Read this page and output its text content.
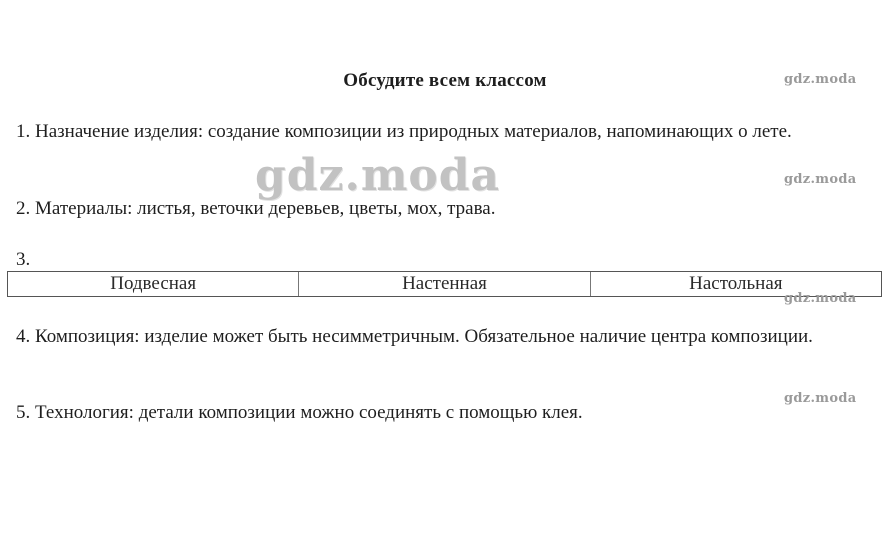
Обсудите всем классом
1. Назначение изделия: создание композиции из природных материалов, напоминающих о лете.
2. Материалы: листья, веточки деревьев, цветы, мох, трава.
3.
Подвесная	Настенная	Настольная
4. Композиция: изделие может быть несимметричным. Обязательное наличие центра композиции.
5. Технология: детали композиции можно соединять с помощью клея.
gdz.moda
gdz.moda
gdz.moda
gdz.moda
gdz.moda
